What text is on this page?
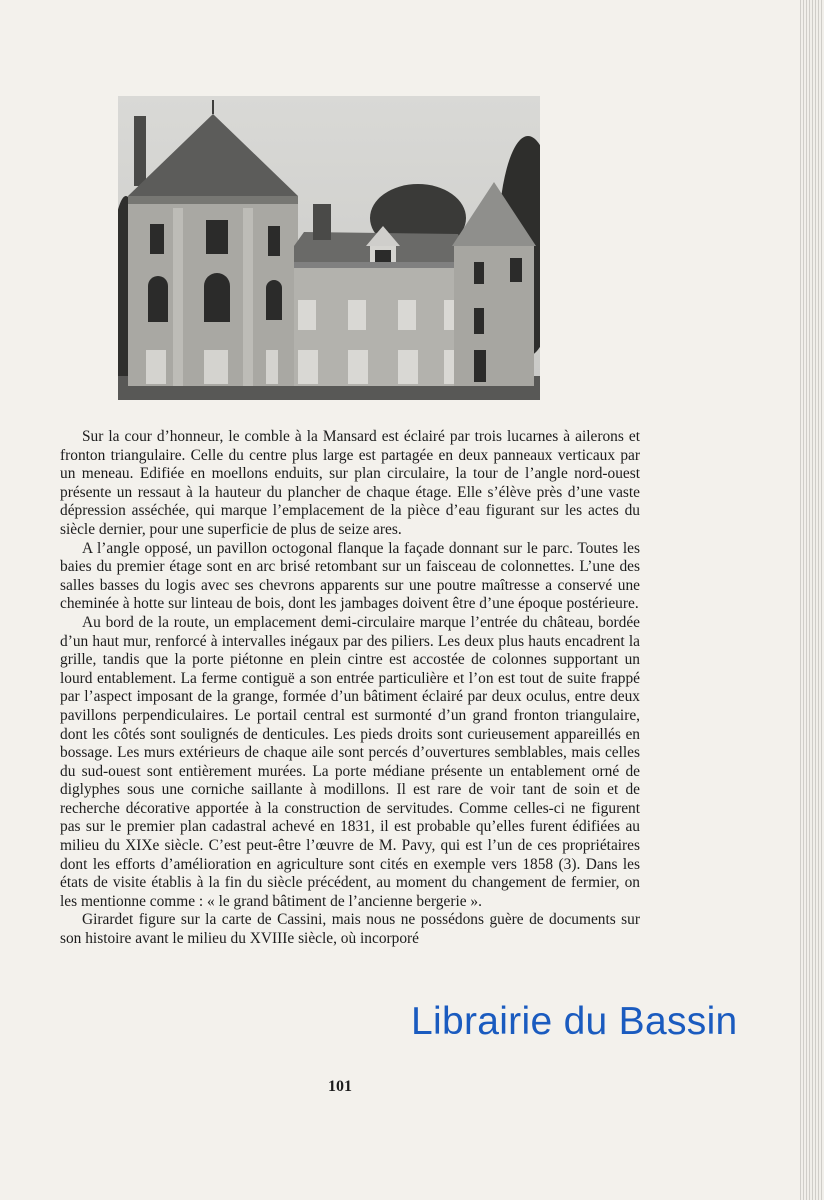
Sur la cour d’honneur, le comble à la Mansard est éclairé par trois lucarnes à ailerons et fronton triangulaire. Celle du centre plus large est partagée en deux panneaux verticaux par un meneau. Edifiée en moellons enduits, sur plan circulaire, la tour de l’angle nord-ouest présente un ressaut à la hauteur du plancher de chaque étage. Elle s’élève près d’une vaste dépression asséchée, qui marque l’emplacement de la pièce d’eau figurant sur les actes du siècle dernier, pour une superficie de plus de seize ares.

A l’angle opposé, un pavillon octogonal flanque la façade donnant sur le parc. Toutes les baies du premier étage sont en arc brisé retombant sur un faisceau de colonnettes. L’une des salles basses du logis avec ses chevrons apparents sur une poutre maîtresse a conservé une cheminée à hotte sur linteau de bois, dont les jambages doivent être d’une époque postérieure.

Au bord de la route, un emplacement demi-circulaire marque l’entrée du château, bordée d’un haut mur, renforcé à intervalles inégaux par des piliers. Les deux plus hauts encadrent la grille, tandis que la porte piétonne en plein cintre est accostée de colonnes supportant un lourd entablement. La ferme contiguë a son entrée particulière et l’on est tout de suite frappé par l’aspect imposant de la grange, formée d’un bâtiment éclairé par deux oculus, entre deux pavillons perpendiculaires. Le portail central est surmonté d’un grand fronton triangulaire, dont les côtés sont soulignés de denticules. Les pieds droits sont curieusement appareillés en bossage. Les murs extérieurs de chaque aile sont percés d’ouvertures semblables, mais celles du sud-ouest sont entièrement murées. La porte médiane présente un entablement orné de diglyphes sous une corniche saillante à modillons. Il est rare de voir tant de soin et de recherche décorative apportée à la construction de servitudes. Comme celles-ci ne figurent pas sur le premier plan cadastral achevé en 1831, il est probable qu’elles furent édifiées au milieu du XIXe siècle. C’est peut-être l’œuvre de M. Pavy, qui est l’un de ces propriétaires dont les efforts d’amélioration en agriculture sont cités en exemple vers 1858 (3). Dans les états de visite établis à la fin du siècle précédent, au moment du changement de fermier, on les mentionne comme : « le grand bâtiment de l’ancienne bergerie ».

Girardet figure sur la carte de Cassini, mais nous ne possédons guère de documents sur son histoire avant le milieu du XVIIIe siècle, où incorporé

101
Librairie du Bassin
